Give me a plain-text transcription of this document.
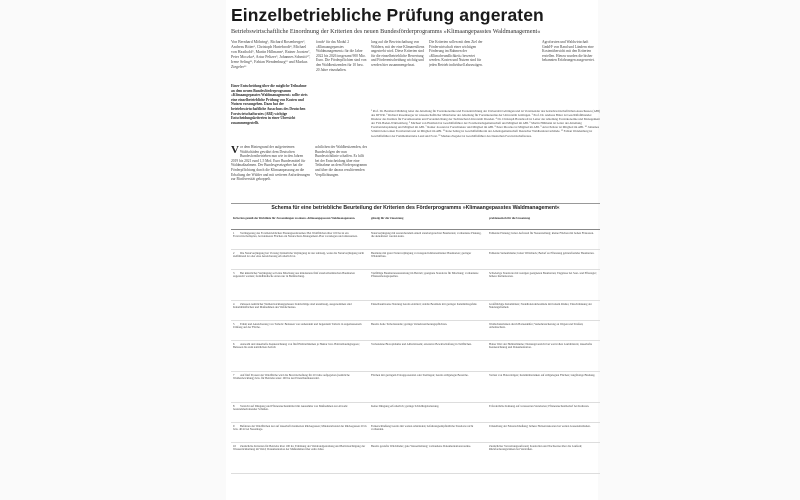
Einzelbetriebliche Prüfung angeraten
Betriebswirtschaftliche Einordnung der Kriterien des neuen Bundesförderprogramms »Klimaangepasstes Waldmanagement«
Von Bernhard Möhring¹, Richard Rosenberger², Andreas Bitter³, Christoph Hartebrodt⁴, Michael von Haxthold⁵, Martin Hillmann⁶, Rainer Joosten⁷, Peter Moczko⁸, Artur Peltzer⁹, Johannes Schmitt¹⁰, Irene Seling¹¹, Fabian Wendenburg¹² und Markus Ziegeler¹³
Einer Entscheidung über die mögliche Teilnahme an dem neuen Bundesförderprogramm »Klimaangepasstes Waldmanagement« sollte stets eine einzelbetriebliche Prüfung von Kosten und Nutzen vorausgehen. Dazu hat der betriebswirtschaftliche Ausschuss des Deutschen Forstwirtschaftsrates (ABI) wichtige Entscheidungskriterien in einer Übersicht zusammengestellt.
Vor dem Hintergrund der aufgetretenen Waldschäden gewährt dem Deutschen Bundesforstbetrieben nun wie in den Jahren 2019 bis 2021 rund 1,5 Mrd. Euro Bundesmittel für Waldmaßnahmen. Der Bundesgesetzgeber hat die Förderpflichtung durch die Klimaanpassung an die Erhaltung der Wälder und mit weiteren Anforderungen zur Biodiversität gekoppelt.
achtlichen der Waldbesitzenden, des Bundesfolgen der nun Bundesrichtlinie schaffen. Es hilft bei der Entscheidung über eine Teilnahme an dem Förderprogramm und über die daraus resultierenden Verpflichtungen.
fonds¹ für das Modul 2 »Klimaangepasstes Waldmanagement« für die Jahre 2022 bis 2026 insgesamt 900 Mio. Euro. Die Förderpflichten sind von den Waldbesitzenden für 10 bzw. 20 Jahre einzuhalten.
lung auf die Bewirtschaftung von Wäldern, mit der eine Klimaresilienz angestrebt wird. Diese Kriterien sind für die einzelbetriebliche Bewertung und Förderentscheidung wichtig und werden hier zusammengefasst.
Die Kriterien sollen mit dem Ziel der Förderwirtschaft einer wichtigen Förderung im Rahmen der »Klimafreundlichkeit« bewertet werden. Kosten und Nutzen sind für jeden Betrieb individuell abzuwägen.
Agroforsten und Waldwirtschaft GmbH² von Rand und Ländern eine Kostenübersicht mit den Kriterien erstellen. Hierzu wurden die bisher bekannten Erfahrungen ausgewertet.
¹ Prof. Dr. Bernhard Möhring leitet die Abteilung für Forstökonomie und Forsteinrichtung der Universität Göttingen und ist Vorsitzender des betriebswirtschaftlichen Ausschusses (ABI) des DFWR. ² Richard Rosenberger ist wissenschaftlicher Mitarbeiter der Abteilung für Forstökonomie der Universität Göttingen. ³ Prof. Dr. Andreas Bitter ist Geschäftsführender Direktor des Instituts für Forstökonomie und Forsteinrichtung der Technischen Universität Dresden. ⁴ Dr. Christoph Hartebrodt ist Leiter der Abteilung Forstökonomie und Management der FVA Baden-Württemberg. ⁵ Michael von Haxthold ist Geschäftsführer der Forstbetriebsgemeinschaft und Mitglied im ABI. ⁶ Martin Hillmann ist Leiter der Abteilung Forstbetriebsplanung und Mitglied im ABI. ⁷ Rainer Joosten ist Forstdirektor und Mitglied im ABI. ⁸ Peter Moczko ist Mitglied im ABI. ⁹ Artur Peltzer ist Mitglied im ABI. ¹⁰ Johannes Schmitt leitet einen Forstbetrieb und ist Mitglied im ABI. ¹¹ Irene Seling ist Geschäftsführerin der Arbeitsgemeinschaft Deutscher Waldbesitzerverbände. ¹² Fabian Wendenburg ist Geschäftsführer der Familienbetriebe Land und Forst. ¹³ Markus Ziegeler ist Geschäftsführer des Deutschen Forstwirtschaftsrates.
Schema für eine betriebliche Beurteilung der Kriterien des Förderprogramms »Klimaangepasstes Waldmanagement«
Kriterien gemäß der Richtlinie für Zuwendungen zu einem »Klimaangepassten Waldmanagement«	günstig für die Umsetzung	problematisch für die Umsetzung
1 Verlängerung des Forstbetrieblichen Planungszeitraumes: Bei Waldflächen über 100 ha ist ein Forstwirtschaftsplan, bei kleineren Flächen ein Naturschutz-Management-Plan vorzulegen und umzusetzen.	Naturverjüngung mit ausreichendem Anteil standortgerechter Baumarten; vorhandene Planung, die aktualisiert werden kann.	Fehlende Planung; hoher Aufwand für Neuerstellung; kleine Flächen mit hohen Fixkosten.
2 Die Naturverjüngung hat Vorrang: Künstliche Verjüngung ist nur zulässig, wenn die Naturverjüngung nicht zielführend ist oder eine Anreicherung erforderlich ist.	Bestände mit guter Naturverjüngung vorwiegend klimaresilienter Baumarten; geringer Wildeinfluss.	Fehlende Samenbäume; hoher Wilddruck; Bedarf an Pflanzung gebietsfremder Baumarten.
3 Bei künstlicher Verjüngung soll eine Mischung aus mindestens fünf standortheimischen Baumarten angestrebt werden; fremdländische Arten nur in Beimischung.	Vielfältige Baumartenausstattung im Betrieb; geeignete Standorte für Mischung; vorhandene Pflanzenbezugsquellen.	Schwierige Standorte mit wenigen geeigneten Baumarten; Engpässe bei Saat- und Pflanzgut; höhere Kulturkosten.
4 Zulassen natürlicher Waldentwicklungsphasen: Kahlschläge sind unzulässig, ausgenommen sind Kalamitätsflächen und Maßnahmen des Waldschutzes.	Einzelbaumweise Nutzung bereits etabliert; stabile Bestände mit geringer Kalamitätsgefahr.	Großflächige Kalamitäten; Nadelholzreinbestände mit hohem Risiko; Einschränkung der Nutzungsfreiheit.
5 Erhalt und Anreicherung von Totholz: Belassen von stehendem und liegendem Totholz in angemessenem Umfang auf der Fläche.	Bereits hohe Totholzanteile; geringe Verkehrssicherungspflichten.	Waldschutzrisiken durch Borkenkäfer; Verkehrssicherung an Wegen und Straßen; Arbeitsschutz.
6 Auswahl und dauerhafte Kennzeichnung von fünf Habitatbäumen je Hektar bzw. Habitatbaumgruppen; Belassen bis zum natürlichen Zerfall.	Vorhandene Biotopbäume und Altholzinseln; extensive Bewirtschaftung in Teilflächen.	Hoher Wert der Habitatbäume; Nutzungsverzicht bei wertvollen Laubhölzern; dauerhafte Kennzeichnung und Dokumentation.
7 Auf fünf Prozent der Waldfläche wird die Bewirtschaftung für 20 Jahre aufgegeben (natürliche Waldentwicklung) bzw. für Betriebe unter 100 ha nur Einzelbaumauswahl.	Flächen mit geringem Ertragspotenzial oder Steillagen; bereits stillgelegte Bereiche.	Verlust von Holzerträgen; Kalamitätsrisiken auf stillgelegten Flächen; langfristige Bindung.
8 Verzicht auf Düngung und Pflanzenschutzmittel mit Ausnahme von Maßnahmen zur Abwehr bestandsbedrohender Schäden.	Keine Düngung erforderlich; geringe Schädlingsbelastung.	Erforderliche Kalkung auf versauerten Standorten; Pflanzenschutzbedarf bei Kulturen.
9 Befahren der Waldflächen nur auf dauerhaft markierten Rückegassen; Mindestabstand der Rückegassen 20 m bzw. 40 m bei Neuanlage.	Feinerschließung bereits mit weiten Abständen; befahrungsempfindliche Standorte nicht vorhanden.	Umstellung der Feinerschließung; höhere Holzerntekosten bei weiten Gassenabständen.
10 Zusätzliche Kriterien für Betriebe über 100 ha: Erhöhung der Waldrandgestaltung und Berücksichtigung der Wasserrückhaltung im Wald; Dokumentation der Maßnahmen über zehn Jahre.	Bereits gestufte Waldränder; gute Wasserhaltung; vorhandene Dokumentationsroutine.	Zusätzlicher Verwaltungsaufwand; Kontrollen und Nachweise über die Laufzeit; Rückforderungsrisiken bei Verstößen.
